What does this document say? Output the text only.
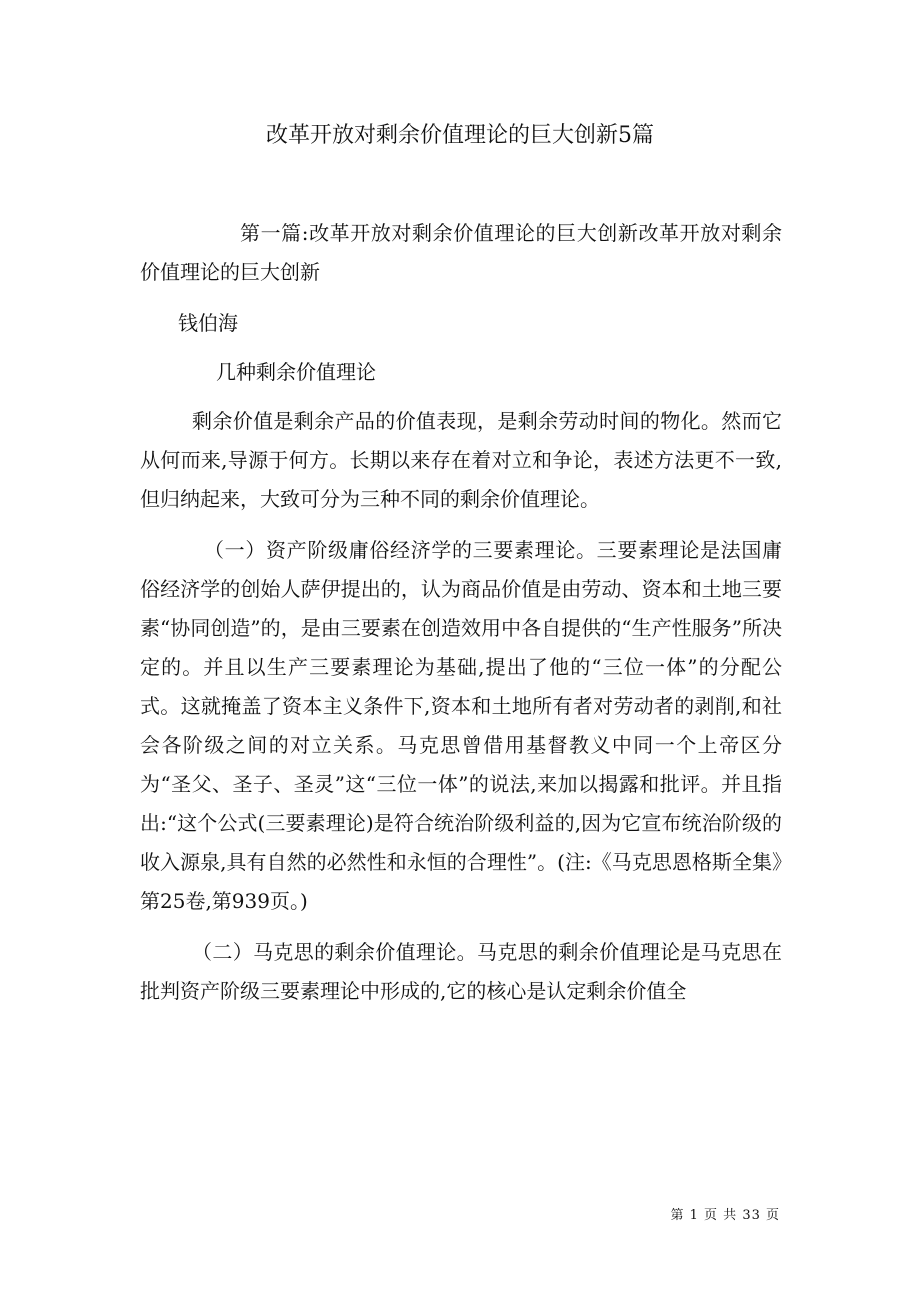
改革开放对剩余价值理论的巨大创新5篇

第一篇:改革开放对剩余价值理论的巨大创新改革开放对剩余价值理论的巨大创新

钱伯海

几种剩余价值理论

剩余价值是剩余产品的价值表现，是剩余劳动时间的物化。然而它从何而来,导源于何方。长期以来存在着对立和争论，表述方法更不一致,但归纳起来，大致可分为三种不同的剩余价值理论。

（一）资产阶级庸俗经济学的三要素理论。三要素理论是法国庸俗经济学的创始人萨伊提出的，认为商品价值是由劳动、资本和土地三要素“协同创造”的，是由三要素在创造效用中各自提供的“生产性服务”所决定的。并且以生产三要素理论为基础,提出了他的“三位一体”的分配公式。这就掩盖了资本主义条件下,资本和土地所有者对劳动者的剥削,和社会各阶级之间的对立关系。马克思曾借用基督教义中同一个上帝区分为“圣父、圣子、圣灵”这“三位一体”的说法,来加以揭露和批评。并且指出:“这个公式(三要素理论)是符合统治阶级利益的,因为它宣布统治阶级的收入源泉,具有自然的必然性和永恒的合理性”。(注:《马克思恩格斯全集》第25卷,第939页。)

（二）马克思的剩余价值理论。马克思的剩余价值理论是马克思在批判资产阶级三要素理论中形成的,它的核心是认定剩余价值全

第 1 页 共 33 页
